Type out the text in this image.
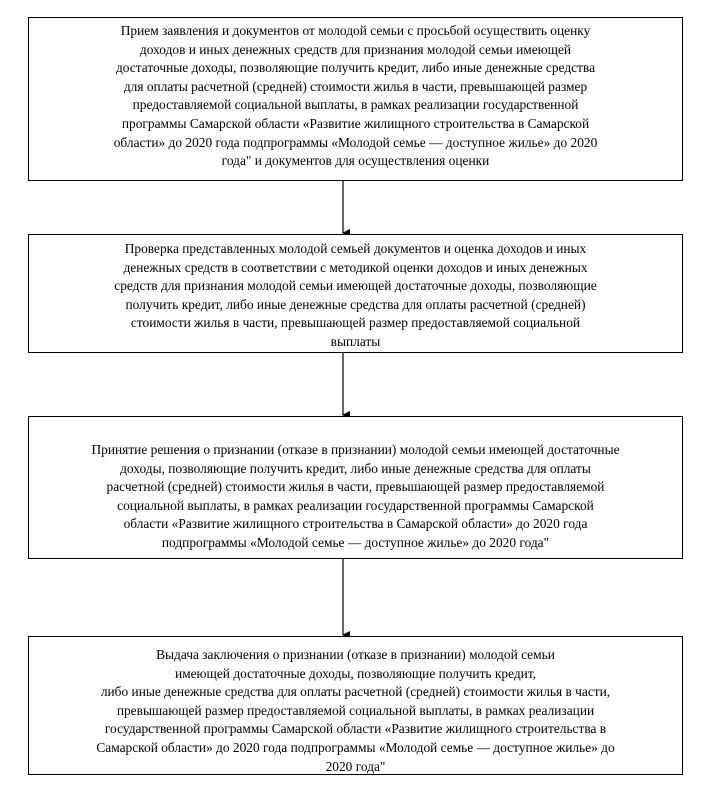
Прием заявления и документов от молодой семьи с просьбой осуществить оценку
доходов и иных денежных средств для признания молодой семьи имеющей
достаточные доходы, позволяющие получить кредит, либо иные денежные средства
для оплаты расчетной (средней) стоимости жилья в части, превышающей размер
предоставляемой социальной выплаты, в рамках реализации государственной
программы Самарской области «Развитие жилищного строительства в Самарской
области» до 2020 года подпрограммы «Молодой семье — доступное жилье» до 2020
года" и документов для осуществления оценки
Проверка представленных молодой семьей документов и оценка доходов и иных
денежных средств в соответствии с методикой оценки доходов и иных денежных
средств для признания молодой семьи имеющей достаточные доходы, позволяющие
получить кредит, либо иные денежные средства для оплаты расчетной (средней)
стоимости жилья в части, превышающей размер предоставляемой социальной
выплаты
Принятие решения о признании (отказе в признании) молодой семьи имеющей достаточные
доходы, позволяющие получить кредит, либо иные денежные средства для оплаты
расчетной (средней) стоимости жилья в части, превышающей размер предоставляемой
социальной выплаты, в рамках реализации государственной программы Самарской
области «Развитие жилищного строительства в Самарской области» до 2020 года
подпрограммы «Молодой семье — доступное жилье» до 2020 года"
Выдача заключения о признании (отказе в признании) молодой семьи
имеющей достаточные доходы, позволяющие получить кредит,
либо иные денежные средства для оплаты расчетной (средней) стоимости жилья в части,
превышающей размер предоставляемой социальной выплаты, в рамках реализации
государственной программы Самарской области «Развитие жилищного строительства в
Самарской области» до 2020 года подпрограммы «Молодой семье — доступное жилье» до
2020 года"
